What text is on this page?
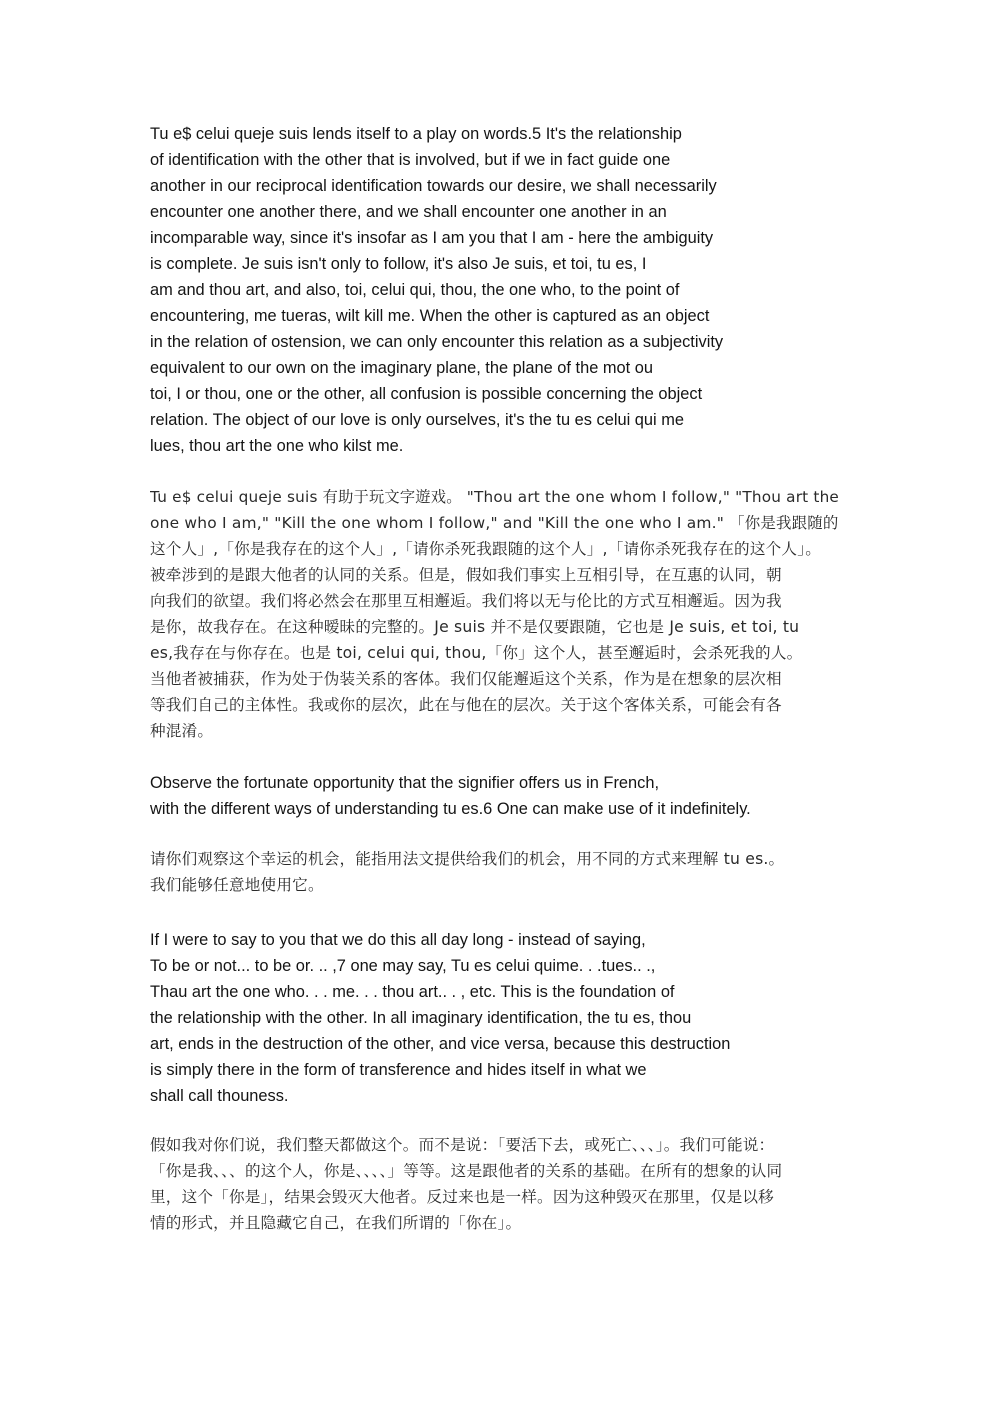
Tu e$ celui queje suis lends itself to a play on words.5 It's the relationship
of identification with the other that is involved, but if we in fact guide one
another in our reciprocal identification towards our desire, we shall necessarily
encounter one another there, and we shall encounter one another in an
incomparable way, since it's insofar as I am you that I am - here the ambiguity
is complete. Je suis isn't only to follow, it's also Je suis, et toi, tu es, I
am and thou art, and also, toi, celui qui, thou, the one who, to the point of
encountering, me tueras, wilt kill me. When the other is captured as an object
in the relation of ostension, we can only encounter this relation as a subjectivity
equivalent to our own on the imaginary plane, the plane of the mot ou
toi, I or thou, one or the other, all confusion is possible concerning the object
relation. The object of our love is only ourselves, it's the tu es celui qui me
lues, thou art the one who kilst me.
Tu e$ celui queje suis 有助于玩文字遊戏。 "Thou art the one whom I follow," "Thou art the
one who I am," "Kill the one whom I follow," and "Kill the one who I am." 「你是我跟随的
这个人」,「你是我存在的这个人」,「请你杀死我跟随的这个人」,「请你杀死我存在的这个人」。
被牵涉到的是跟大他者的认同的关系。但是，假如我们事实上互相引导，在互惠的认同，朝
向我们的欲望。我们将必然会在那里互相邂逅。我们将以无与伦比的方式互相邂逅。因为我
是你，故我存在。在这种暧昧的完整的。Je suis 并不是仅要跟随，它也是 Je suis, et toi, tu
es,我存在与你存在。也是 toi, celui qui, thou,「你」这个人，甚至邂逅时，会杀死我的人。
当他者被捕获，作为处于伪装关系的客体。我们仅能邂逅这个关系，作为是在想象的层次相
等我们自己的主体性。我或你的层次，此在与他在的层次。关于这个客体关系，可能会有各
种混淆。
Observe the fortunate opportunity that the signifier offers us in French,
with the different ways of understanding tu es.6 One can make use of it indefinitely.
请你们观察这个幸运的机会，能指用法文提供给我们的机会，用不同的方式来理解 tu es.。
我们能够任意地使用它。
If I were to say to you that we do this all day long - instead of saying,
To be or not... to be or. .. ,7 one may say, Tu es celui quime. . .tues.. .,
Thau art the one who. . . me. . . thou art.. . , etc. This is the foundation of
the relationship with the other. In all imaginary identification, the tu es, thou
art, ends in the destruction of the other, and vice versa, because this destruction
is simply there in the form of transference and hides itself in what we
shall call thouness.
假如我对你们说，我们整天都做这个。而不是说：「要活下去，或死亡、、、」。我们可能说：
「你是我、、、的这个人，你是、、、、」等等。这是跟他者的关系的基础。在所有的想象的认同
里，这个「你是」，结果会毁灭大他者。反过来也是一样。因为这种毁灭在那里，仅是以移
情的形式，并且隐藏它自己，在我们所谓的「你在」。
